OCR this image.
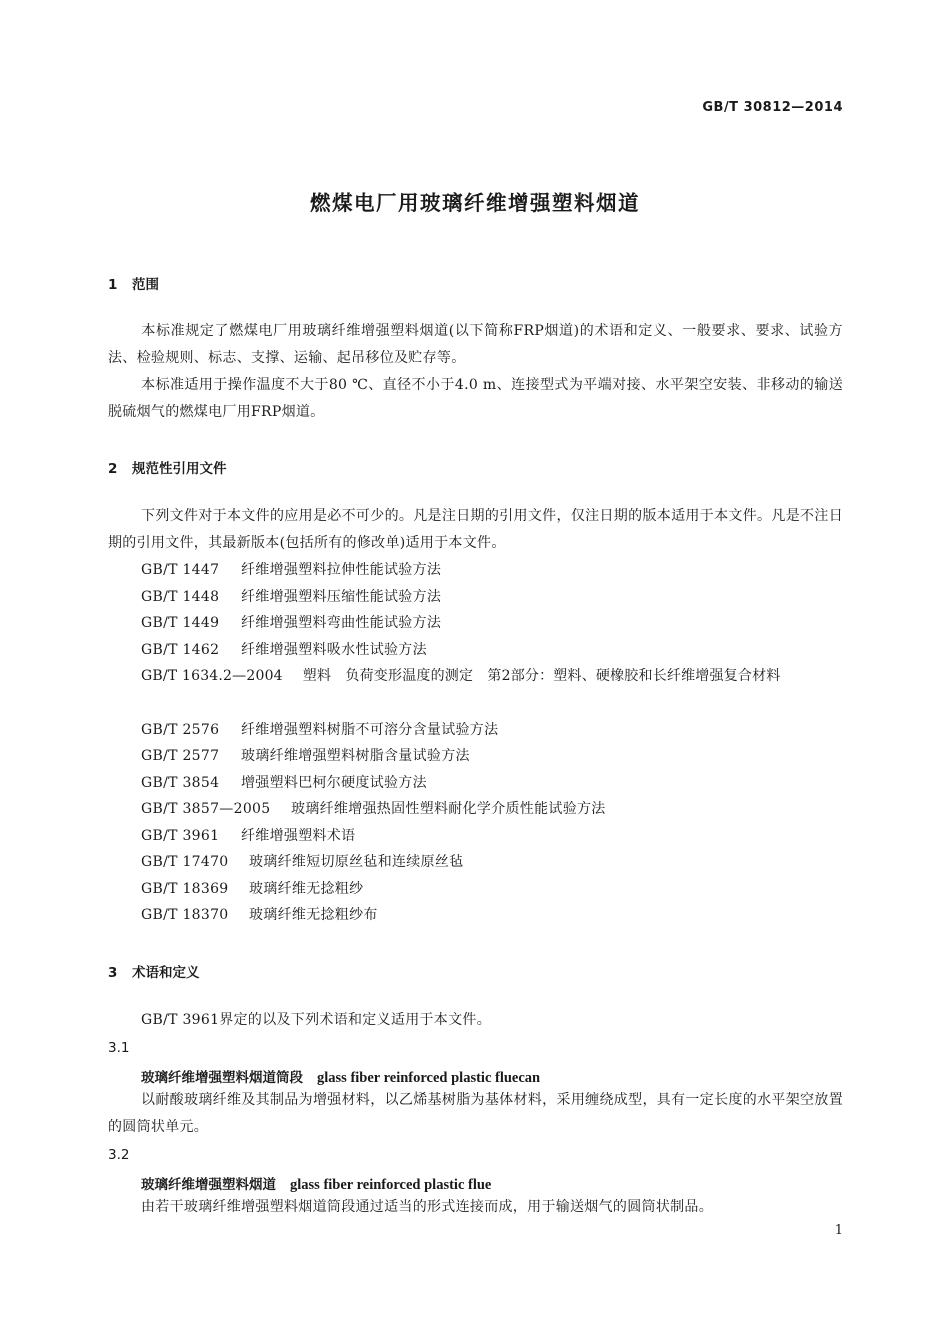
GB/T 30812—2014
燃煤电厂用玻璃纤维增强塑料烟道
1 范围
本标准规定了燃煤电厂用玻璃纤维增强塑料烟道(以下简称FRP烟道)的术语和定义、一般要求、要求、试验方法、检验规则、标志、支撑、运输、起吊移位及贮存等。
本标准适用于操作温度不大于80 ℃、直径不小于4.0 m、连接型式为平端对接、水平架空安装、非移动的输送脱硫烟气的燃煤电厂用FRP烟道。
2 规范性引用文件
下列文件对于本文件的应用是必不可少的。凡是注日期的引用文件，仅注日期的版本适用于本文件。凡是不注日期的引用文件，其最新版本(包括所有的修改单)适用于本文件。
GB/T 1447 纤维增强塑料拉伸性能试验方法
GB/T 1448 纤维增强塑料压缩性能试验方法
GB/T 1449 纤维增强塑料弯曲性能试验方法
GB/T 1462 纤维增强塑料吸水性试验方法
GB/T 1634.2—2004 塑料　负荷变形温度的测定　第2部分：塑料、硬橡胶和长纤维增强复合材料
GB/T 2576 纤维增强塑料树脂不可溶分含量试验方法
GB/T 2577 玻璃纤维增强塑料树脂含量试验方法
GB/T 3854 增强塑料巴柯尔硬度试验方法
GB/T 3857—2005 玻璃纤维增强热固性塑料耐化学介质性能试验方法
GB/T 3961 纤维增强塑料术语
GB/T 17470 玻璃纤维短切原丝毡和连续原丝毡
GB/T 18369 玻璃纤维无捻粗纱
GB/T 18370 玻璃纤维无捻粗纱布
3 术语和定义
GB/T 3961界定的以及下列术语和定义适用于本文件。
3.1
玻璃纤维增强塑料烟道筒段 glass fiber reinforced plastic fluecan
以耐酸玻璃纤维及其制品为增强材料，以乙烯基树脂为基体材料，采用缠绕成型，具有一定长度的水平架空放置的圆筒状单元。
3.2
玻璃纤维增强塑料烟道 glass fiber reinforced plastic flue
由若干玻璃纤维增强塑料烟道筒段通过适当的形式连接而成，用于输送烟气的圆筒状制品。
1
